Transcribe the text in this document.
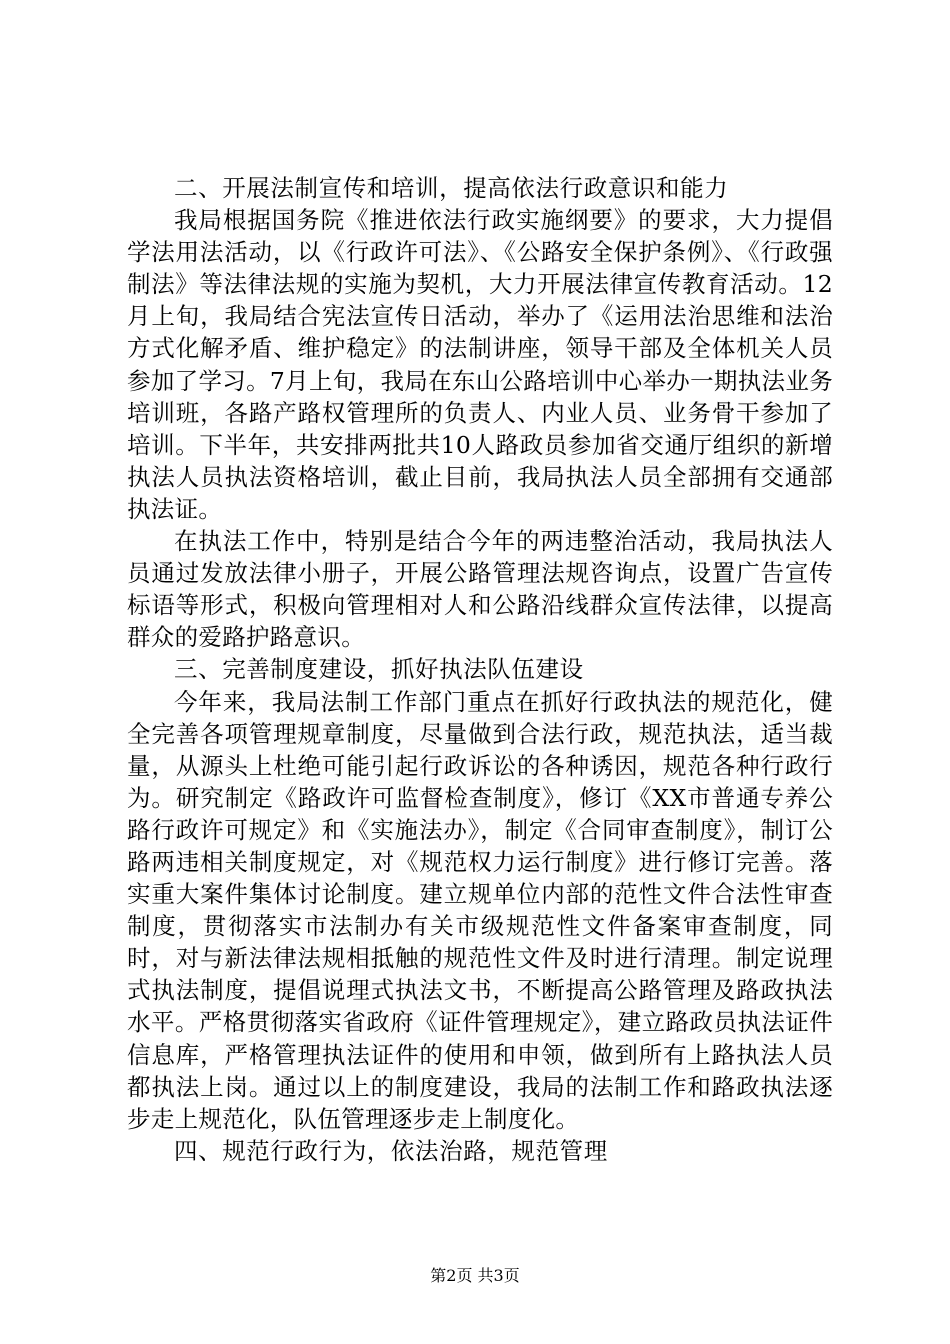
二、开展法制宣传和培训，提高依法行政意识和能力

我局根据国务院《推进依法行政实施纲要》的要求，大力提倡学法用法活动，以《行政许可法》、《公路安全保护条例》、《行政强制法》等法律法规的实施为契机，大力开展法律宣传教育活动。12月上旬，我局结合宪法宣传日活动，举办了《运用法治思维和法治方式化解矛盾、维护稳定》的法制讲座，领导干部及全体机关人员参加了学习。7月上旬，我局在东山公路培训中心举办一期执法业务培训班，各路产路权管理所的负责人、内业人员、业务骨干参加了培训。下半年，共安排两批共10人路政员参加省交通厅组织的新增执法人员执法资格培训，截止目前，我局执法人员全部拥有交通部执法证。

在执法工作中，特别是结合今年的两违整治活动，我局执法人员通过发放法律小册子，开展公路管理法规咨询点，设置广告宣传标语等形式，积极向管理相对人和公路沿线群众宣传法律，以提高群众的爱路护路意识。

三、完善制度建设，抓好执法队伍建设

今年来，我局法制工作部门重点在抓好行政执法的规范化，健全完善各项管理规章制度，尽量做到合法行政，规范执法，适当裁量，从源头上杜绝可能引起行政诉讼的各种诱因，规范各种行政行为。研究制定《路政许可监督检查制度》，修订《XX市普通专养公路行政许可规定》和《实施法办》，制定《合同审查制度》，制订公路两违相关制度规定，对《规范权力运行制度》进行修订完善。落实重大案件集体讨论制度。建立规单位内部的范性文件合法性审查制度，贯彻落实市法制办有关市级规范性文件备案审查制度，同时，对与新法律法规相抵触的规范性文件及时进行清理。制定说理式执法制度，提倡说理式执法文书，不断提高公路管理及路政执法水平。严格贯彻落实省政府《证件管理规定》，建立路政员执法证件信息库，严格管理执法证件的使用和申领，做到所有上路执法人员都执法上岗。通过以上的制度建设，我局的法制工作和路政执法逐步走上规范化，队伍管理逐步走上制度化。

四、规范行政行为，依法治路，规范管理

第2页 共3页
